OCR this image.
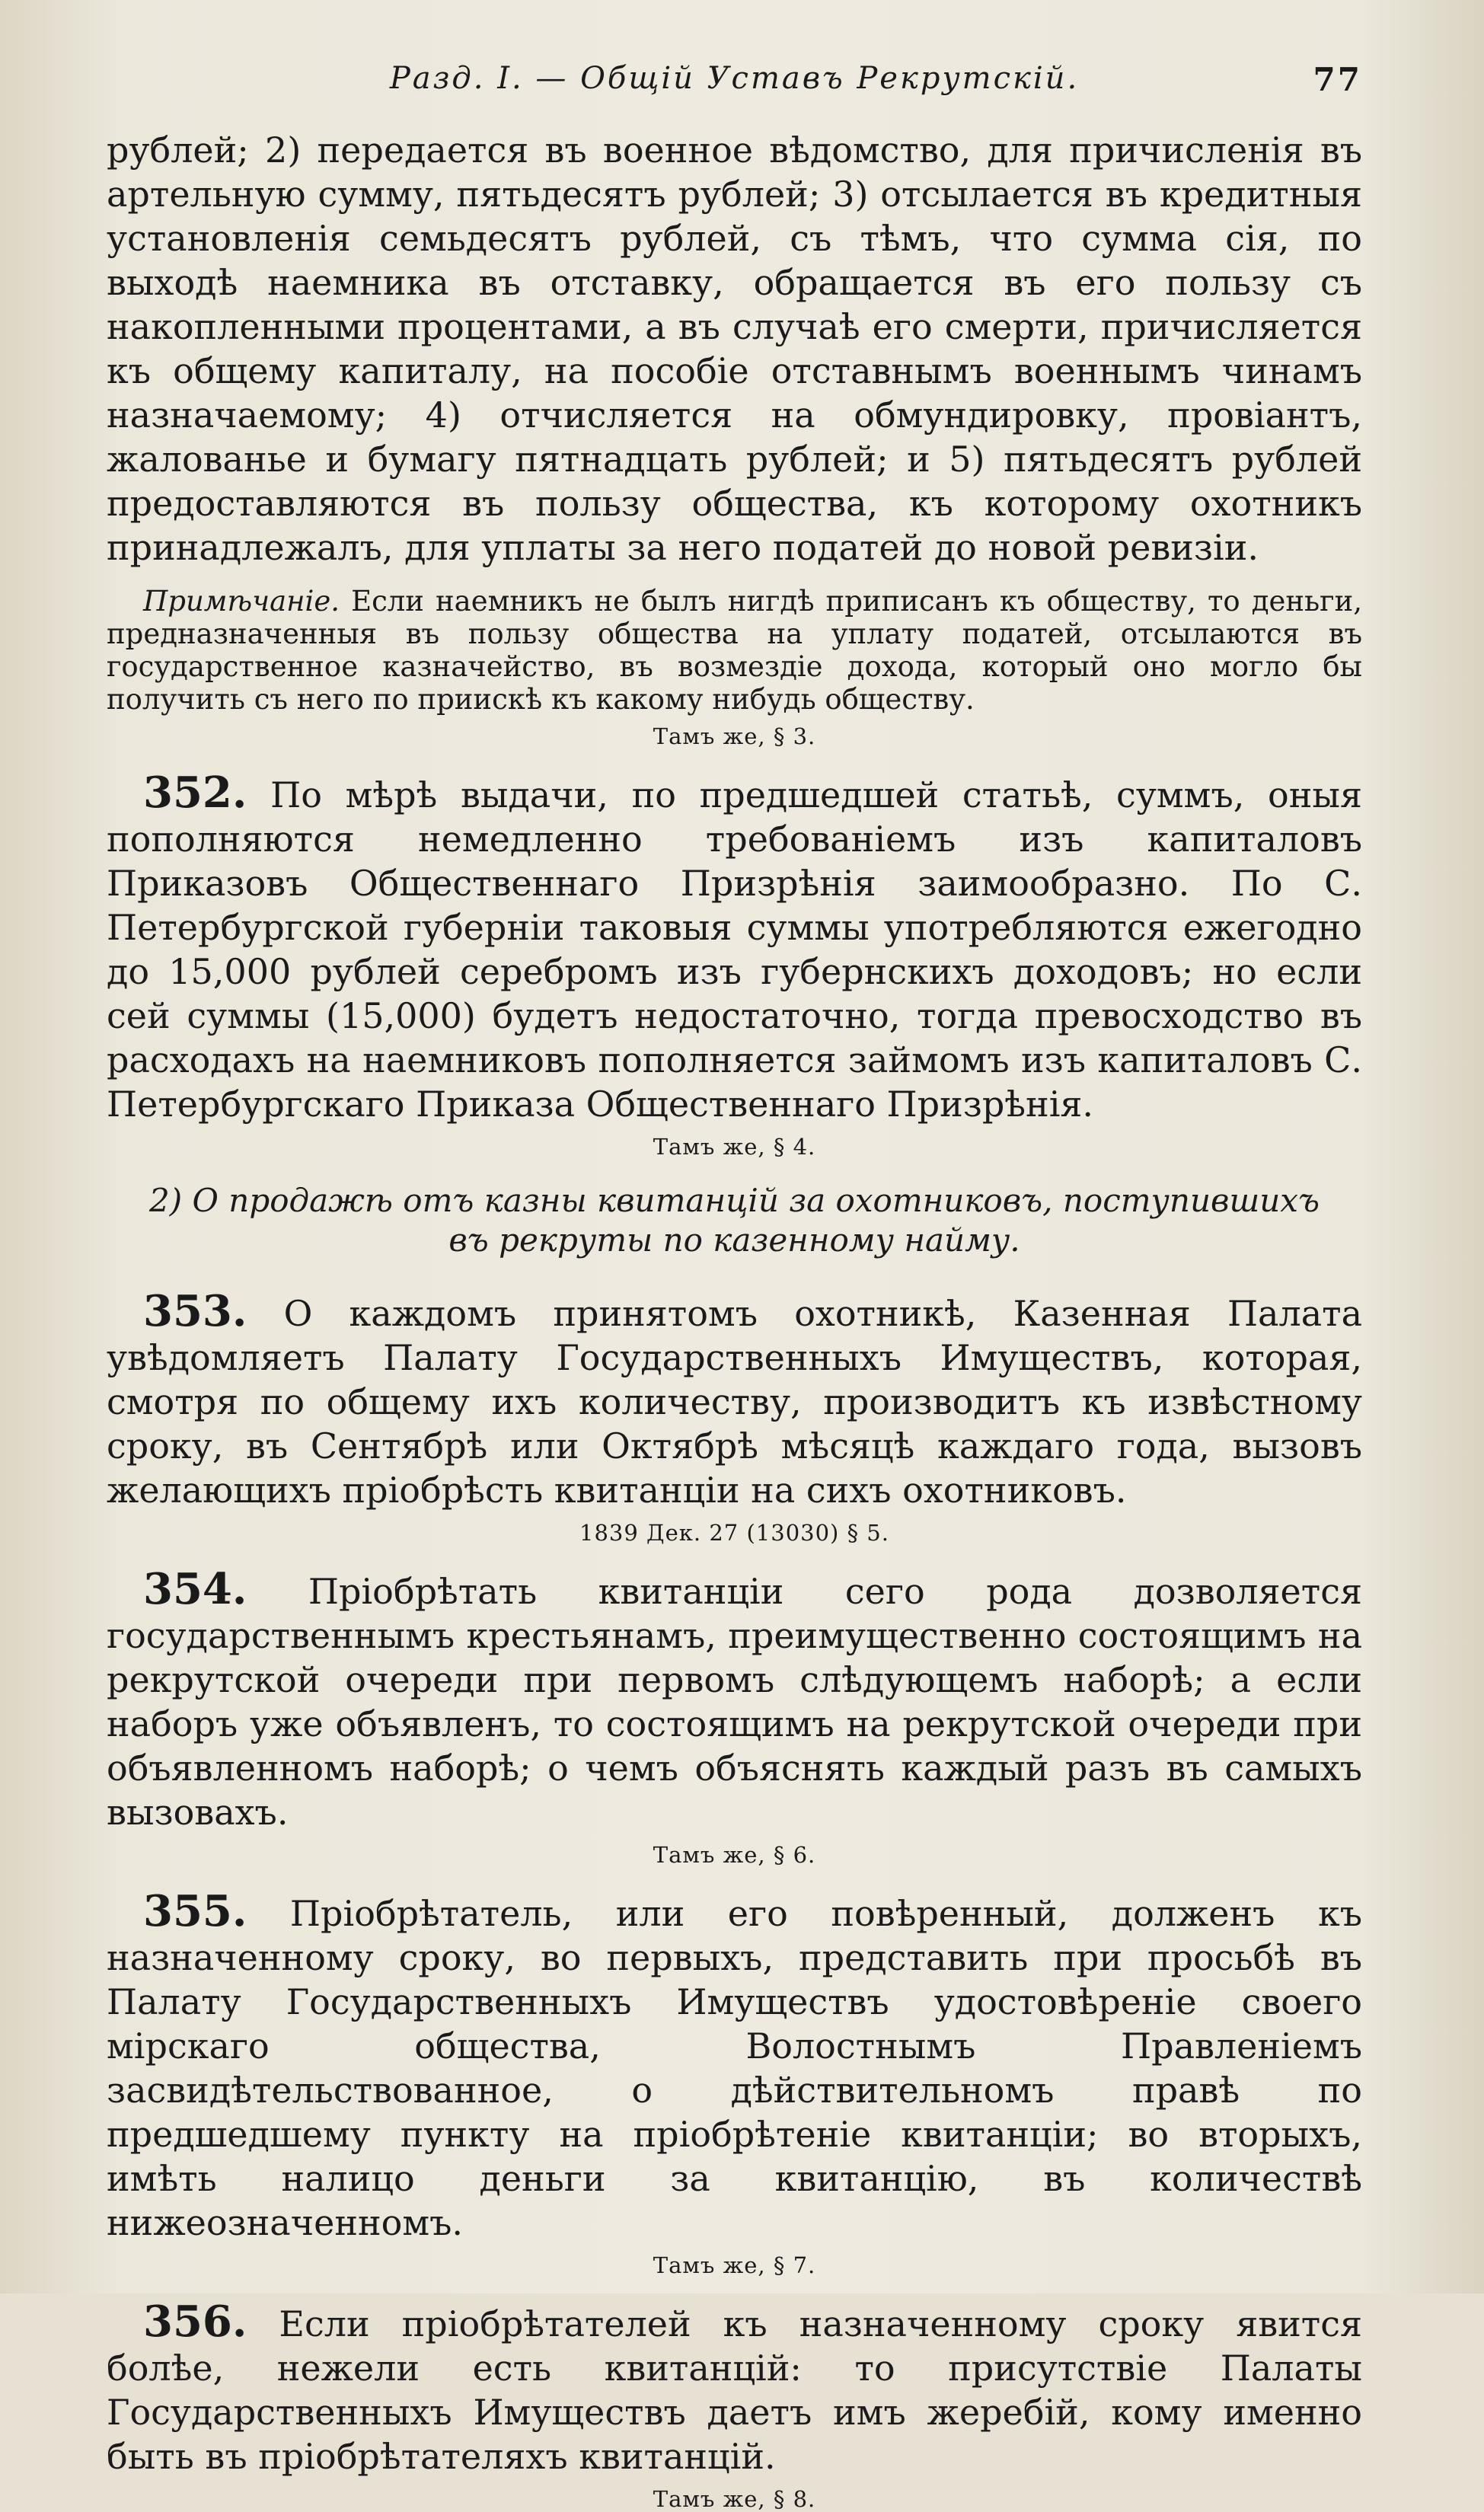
Разд. I. — Общiй Уставъ Рекрутскiй.	77

рублей; 2) передается въ военное вѣдомство, для причисленiя въ артельную сумму, пятьдесятъ рублей; 3) отсылается въ кредитныя установленiя семьдесятъ рублей, съ тѣмъ, что сумма сiя, по выходѣ наемника въ отставку, обращается въ его пользу съ накопленными процентами, а въ случаѣ его смерти, причисляется къ общему капиталу, на пособiе отставнымъ военнымъ чинамъ назначаемому; 4) отчисляется на обмундировку, провiантъ, жалованье и бумагу пятнадцать рублей; и 5) пятьдесятъ рублей предоставляются въ пользу общества, къ которому охотникъ принадлежалъ, для уплаты за него податей до новой ревизiи.

Примѣчанiе. Если наемникъ не былъ нигдѣ приписанъ къ обществу, то деньги, предназначенныя въ пользу общества на уплату податей, отсылаются въ государственное казначейство, въ возмездiе дохода, который оно могло бы получить съ него по приискѣ къ какому нибудь обществу.

Тамъ же, § 3.

352. По мѣрѣ выдачи, по предшедшей статьѣ, суммъ, оныя пополняются немедленно требованiемъ изъ капиталовъ Приказовъ Общественнаго Призрѣнiя заимообразно. По С. Петербургской губернiи таковыя суммы употребляются ежегодно до 15,000 рублей серебромъ изъ губернскихъ доходовъ; но если сей суммы (15,000) будетъ недостаточно, тогда превосходство въ расходахъ на наемниковъ пополняется займомъ изъ капиталовъ С. Петербургскаго Приказа Общественнаго Призрѣнiя.

Тамъ же, § 4.
2) О продажѣ отъ казны квитанцiй за охотниковъ, поступившихъ въ рекруты по казенному найму.

353. О каждомъ принятомъ охотникѣ, Казенная Палата увѣдомляетъ Палату Государственныхъ Имуществъ, которая, смотря по общему ихъ количеству, производитъ къ извѣстному сроку, въ Сентябрѣ или Октябрѣ мѣсяцѣ каждаго года, вызовъ желающихъ прiобрѣсть квитанцiи на сихъ охотниковъ.

1839 Дек. 27 (13030) § 5.

354. Прiобрѣтать квитанцiи сего рода дозволяется государственнымъ крестьянамъ, преимущественно состоящимъ на рекрутской очереди при первомъ слѣдующемъ наборѣ; а если наборъ уже объявленъ, то состоящимъ на рекрутской очереди при объявленномъ наборѣ; о чемъ объяснять каждый разъ въ самыхъ вызовахъ.

Тамъ же, § 6.

355. Прiобрѣтатель, или его повѣренный, долженъ къ назначенному сроку, во первыхъ, представить при просьбѣ въ Палату Государственныхъ Имуществъ удостовѣренiе своего мiрскаго общества, Волостнымъ Правленiемъ засвидѣтельствованное, о дѣйствительномъ правѣ по предшедшему пункту на прiобрѣтенiе квитанцiи; во вторыхъ, имѣть налицо деньги за квитанцiю, въ количествѣ нижеозначенномъ.

Тамъ же, § 7.

356. Если прiобрѣтателей къ назначенному сроку явится болѣе, нежели есть квитанцiй: то присутствiе Палаты Государственныхъ Имуществъ даетъ имъ жеребiй, кому именно быть въ прiобрѣтателяхъ квитанцiй.

Тамъ же, § 8.
